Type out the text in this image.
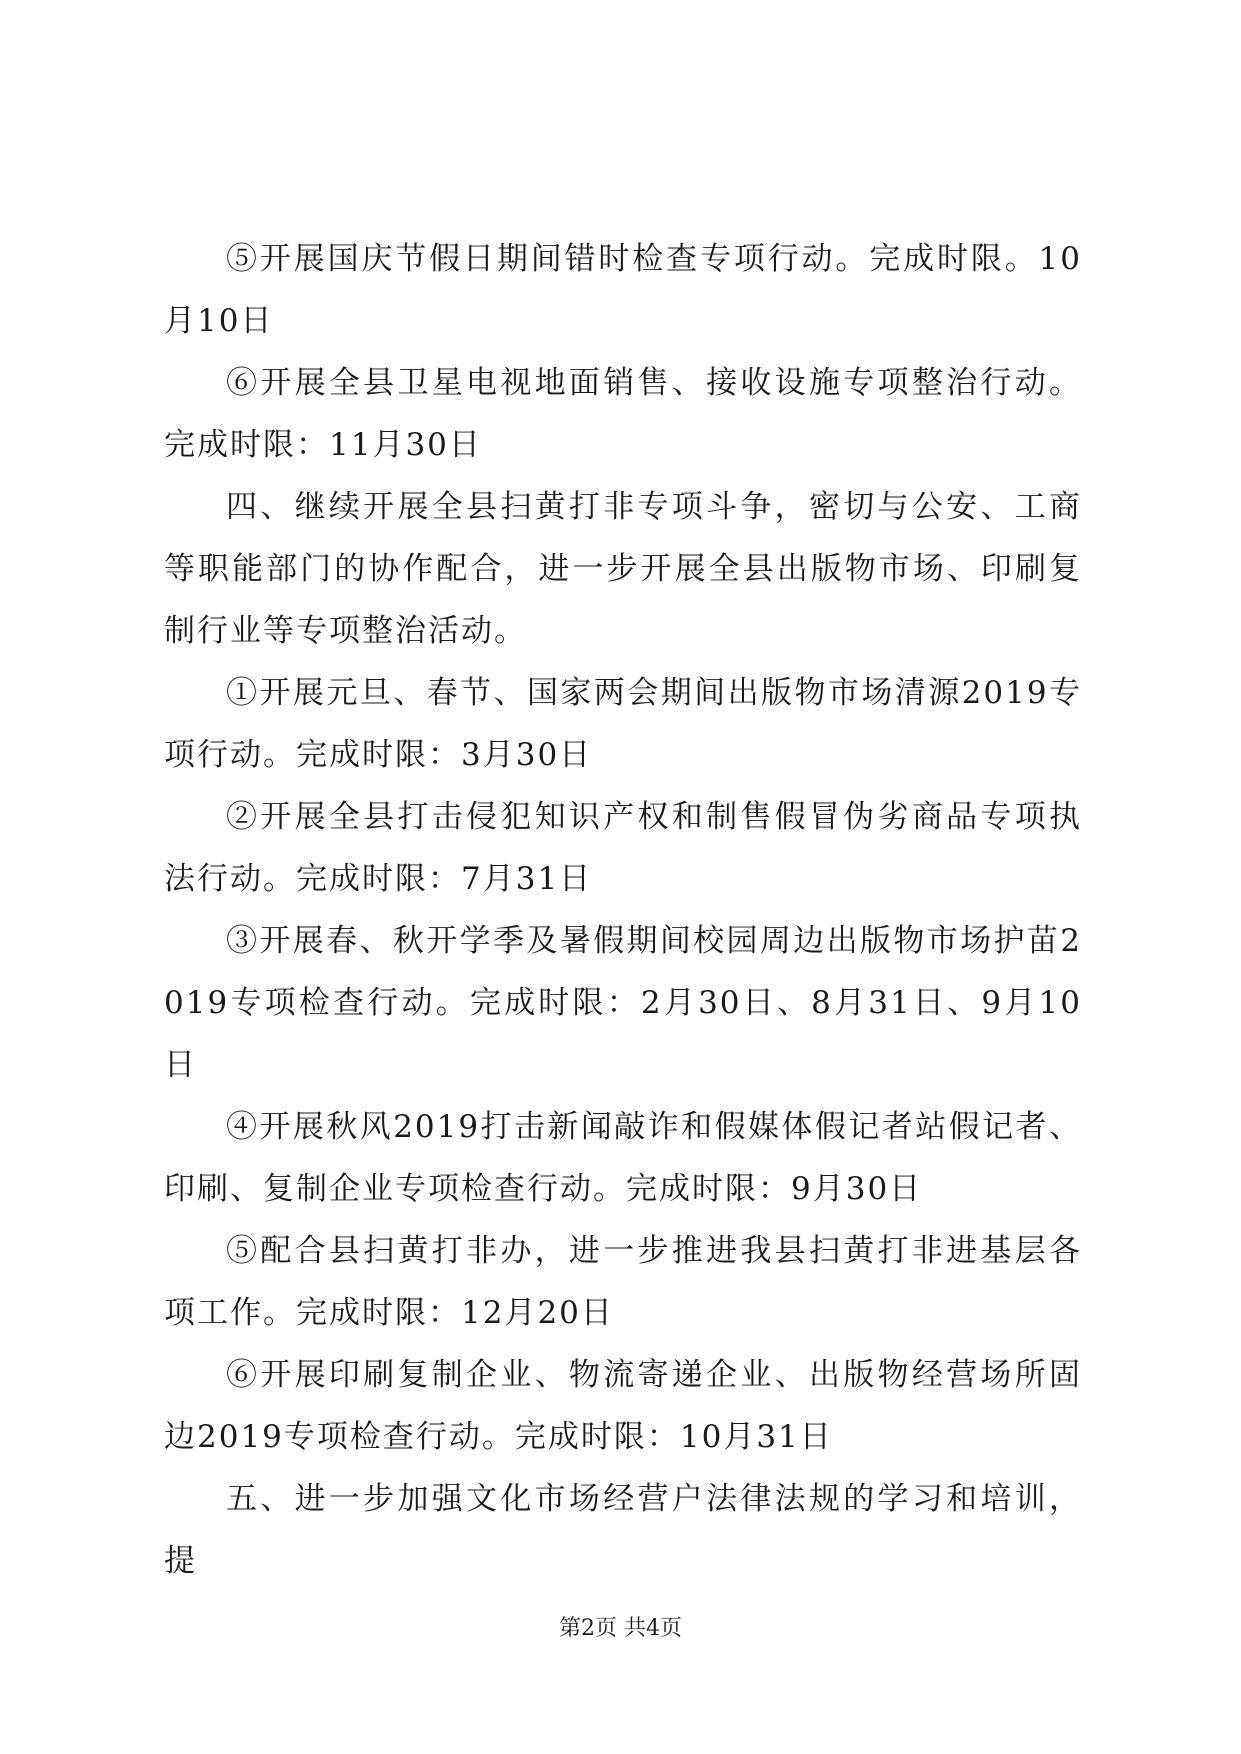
⑤开展国庆节假日期间错时检查专项行动。完成时限。10月10日

⑥开展全县卫星电视地面销售、接收设施专项整治行动。完成时限：11月30日

四、继续开展全县扫黄打非专项斗争，密切与公安、工商等职能部门的协作配合，进一步开展全县出版物市场、印刷复制行业等专项整治活动。

①开展元旦、春节、国家两会期间出版物市场清源2019专项行动。完成时限：3月30日

②开展全县打击侵犯知识产权和制售假冒伪劣商品专项执法行动。完成时限：7月31日

③开展春、秋开学季及暑假期间校园周边出版物市场护苗2019专项检查行动。完成时限：2月30日、8月31日、9月10日

④开展秋风2019打击新闻敲诈和假媒体假记者站假记者、印刷、复制企业专项检查行动。完成时限：9月30日

⑤配合县扫黄打非办，进一步推进我县扫黄打非进基层各项工作。完成时限：12月20日

⑥开展印刷复制企业、物流寄递企业、出版物经营场所固边2019专项检查行动。完成时限：10月31日

五、进一步加强文化市场经营户法律法规的学习和培训，提

第2页 共4页
